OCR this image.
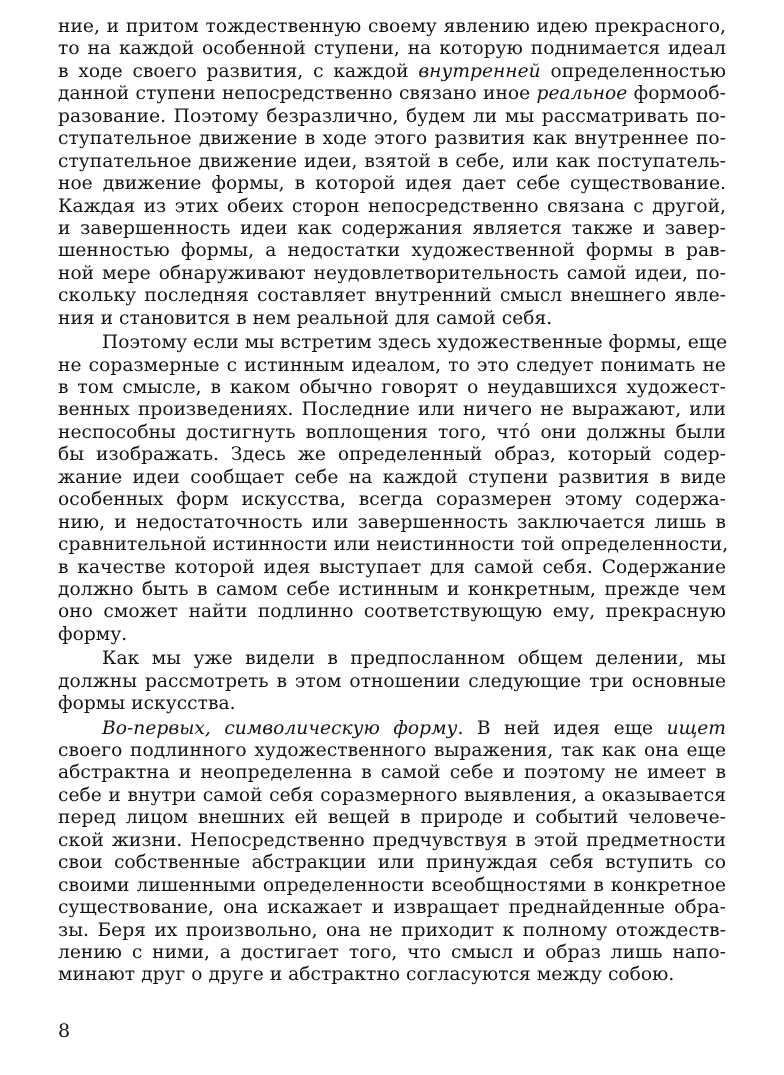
ние, и притом тождественную своему явлению идею прекрасного,
то на каждой особенной ступени, на которую поднимается идеал
в ходе своего развития, с каждой внутренней определенностью
данной ступени непосредственно связано иное реальное формооб-
разование. Поэтому безразлично, будем ли мы рассматривать по-
ступательное движение в ходе этого развития как внутреннее по-
ступательное движение идеи, взятой в себе, или как поступатель-
ное движение формы, в которой идея дает себе существование.
Каждая из этих обеих сторон непосредственно связана с другой,
и завершенность идеи как содержания является также и завер-
шенностью формы, а недостатки художественной формы в рав-
ной мере обнаруживают неудовлетворительность самой идеи, по-
скольку последняя составляет внутренний смысл внешнего явле-
ния и становится в нем реальной для самой себя.
Поэтому если мы встретим здесь художественные формы, еще
не соразмерные с истинным идеалом, то это следует понимать не
в том смысле, в каком обычно говорят о неудавшихся художест-
венных произведениях. Последние или ничего не выражают, или
неспособны достигнуть воплощения того, что́ они должны были
бы изображать. Здесь же определенный образ, который содер-
жание идеи сообщает себе на каждой ступени развития в виде
особенных форм искусства, всегда соразмерен этому содержа-
нию, и недостаточность или завершенность заключается лишь в
сравнительной истинности или неистинности той определенности,
в качестве которой идея выступает для самой себя. Содержание
должно быть в самом себе истинным и конкретным, прежде чем
оно сможет найти подлинно соответствующую ему, прекрасную
форму.
Как мы уже видели в предпосланном общем делении, мы
должны рассмотреть в этом отношении следующие три основные
формы искусства.
Во-первых, символическую форму. В ней идея еще ищет
своего подлинного художественного выражения, так как она еще
абстрактна и неопределенна в самой себе и поэтому не имеет в
себе и внутри самой себя соразмерного выявления, а оказывается
перед лицом внешних ей вещей в природе и событий человече-
ской жизни. Непосредственно предчувствуя в этой предметности
свои собственные абстракции или принуждая себя вступить со
своими лишенными определенности всеобщностями в конкретное
существование, она искажает и извращает преднайденные обра-
зы. Беря их произвольно, она не приходит к полному отождеств-
лению с ними, а достигает того, что смысл и образ лишь напо-
минают друг о друге и абстрактно согласуются между собою.
8
